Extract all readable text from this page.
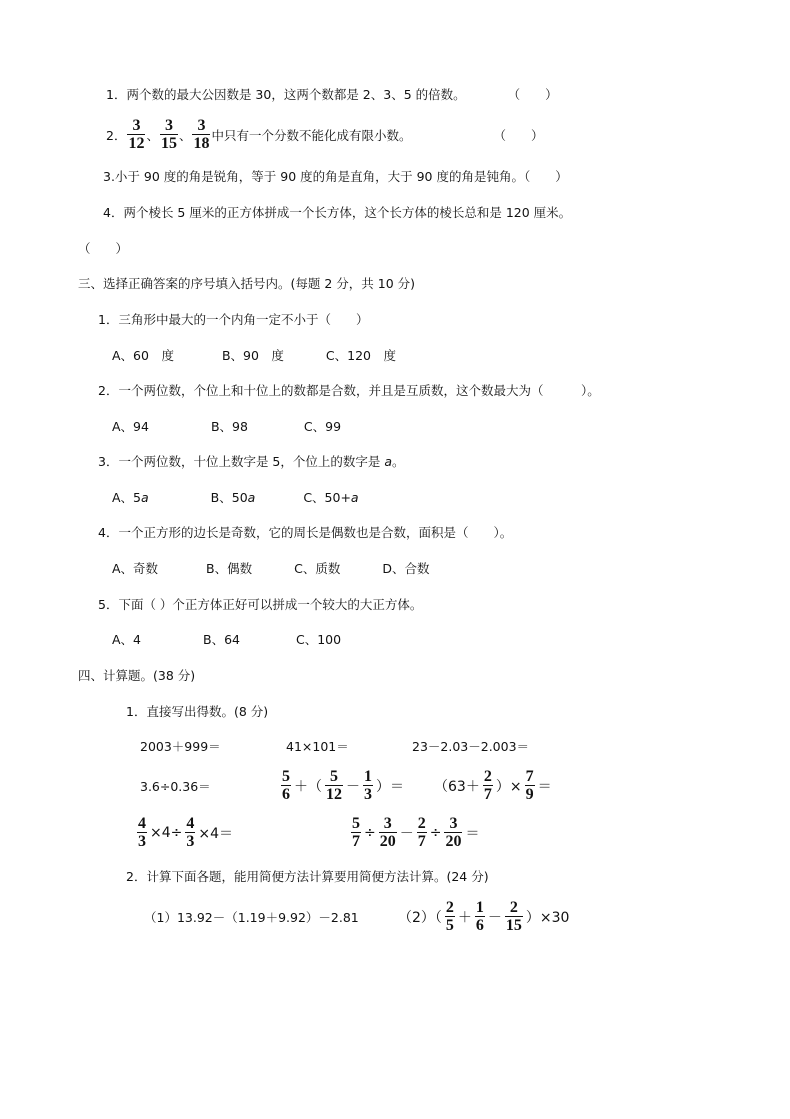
1．两个数的最大公因数是 30，这两个数都是 2、3、5 的倍数。	（　　）
2． $\frac{3}{12}$ 、 $\frac{3}{15}$ 、 $\frac{3}{18}$ 中只有一个分数不能化成有限小数。	（　　）
3.小于 90 度的角是锐角，等于 90 度的角是直角，大于 90 度的角是钝角。（　　）
4．两个棱长 5 厘米的正方体拼成一个长方体，这个长方体的棱长总和是 120 厘米。
（　　）
三、选择正确答案的序号填入括号内。(每题 2 分，共 10 分)
1．三角形中最大的一个内角一定不小于（　　）
A、60　度	B、90　度	C、120　度
2．一个两位数，个位上和十位上的数都是合数，并且是互质数，这个数最大为（　　　）。
A、94	B、98	C、99
3．一个两位数，十位上数字是 5，个位上的数字是 a。
A、5a	B、50a	C、50+a
4．一个正方形的边长是奇数，它的周长是偶数也是合数，面积是（　　）。
A、奇数	B、偶数	C、质数	D、合数
5．下面（ ）个正方体正好可以拼成一个较大的大正方体。
A、4	B、64	C、100
四、计算题。(38 分)
1．直接写出得数。(8 分)
2003＋999＝	41×101＝	23－2.03－2.003＝
3.6÷0.36＝	$\frac{5}{6}$ ＋（ $\frac{5}{12} - \frac{1}{3}$ ）＝ （$63+ \frac{2}{7}$ ）× $\frac{7}{9}$ ＝
$\frac{4}{3} \times 4\div \frac{4}{3} \times 4=$	$\frac{5}{7} \div \frac{3}{20} - \frac{2}{7} \div \frac{3}{20}$ ＝
2．计算下面各题，能用简便方法计算要用简便方法计算。(24 分)
（1）13.92－（1.19＋9.92）－2.81	$(2)( \frac{2}{5} + \frac{1}{6} - \frac{2}{15} )\times 30$
